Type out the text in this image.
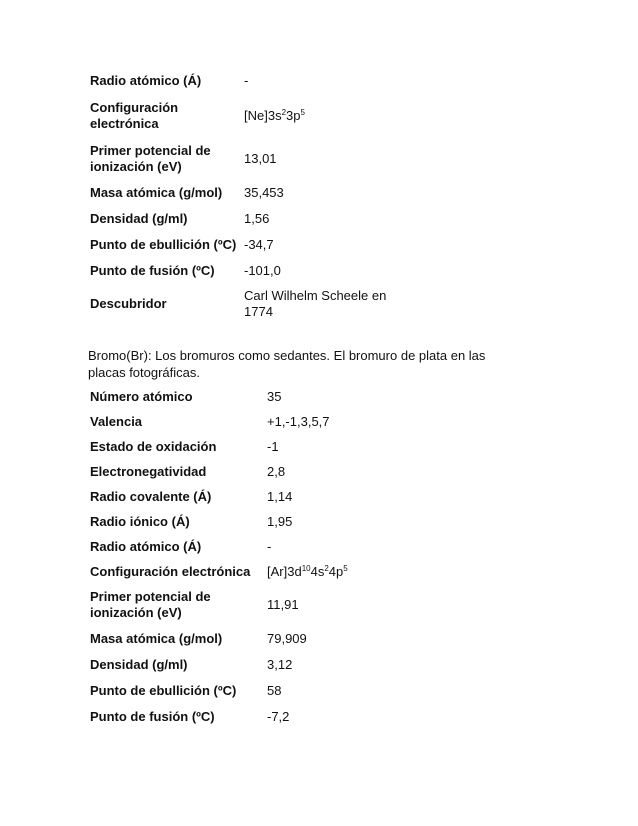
Radio atómico (Á)	-
Configuración electrónica	$[Ne]3s^23p^5$
Primer potencial de ionización (eV)	13,01
Masa atómica (g/mol)	35,453
Densidad (g/ml)	1,56
Punto de ebullición (ºC)	-34,7
Punto de fusión (ºC)	-101,0
Descubridor	Carl Wilhelm Scheele en 1774
Bromo(Br): Los bromuros como sedantes. El bromuro de plata en las placas fotográficas.
Número atómico	35
Valencia	+1,-1,3,5,7
Estado de oxidación	-1
Electronegatividad	2,8
Radio covalente (Á)	1,14
Radio iónico (Á)	1,95
Radio atómico (Á)	-
Configuración electrónica	$[Ar]3d^{10}4s^24p^5$
Primer potencial de ionización (eV)	11,91
Masa atómica (g/mol)	79,909
Densidad (g/ml)	3,12
Punto de ebullición (ºC)	58
Punto de fusión (ºC)	-7,2
